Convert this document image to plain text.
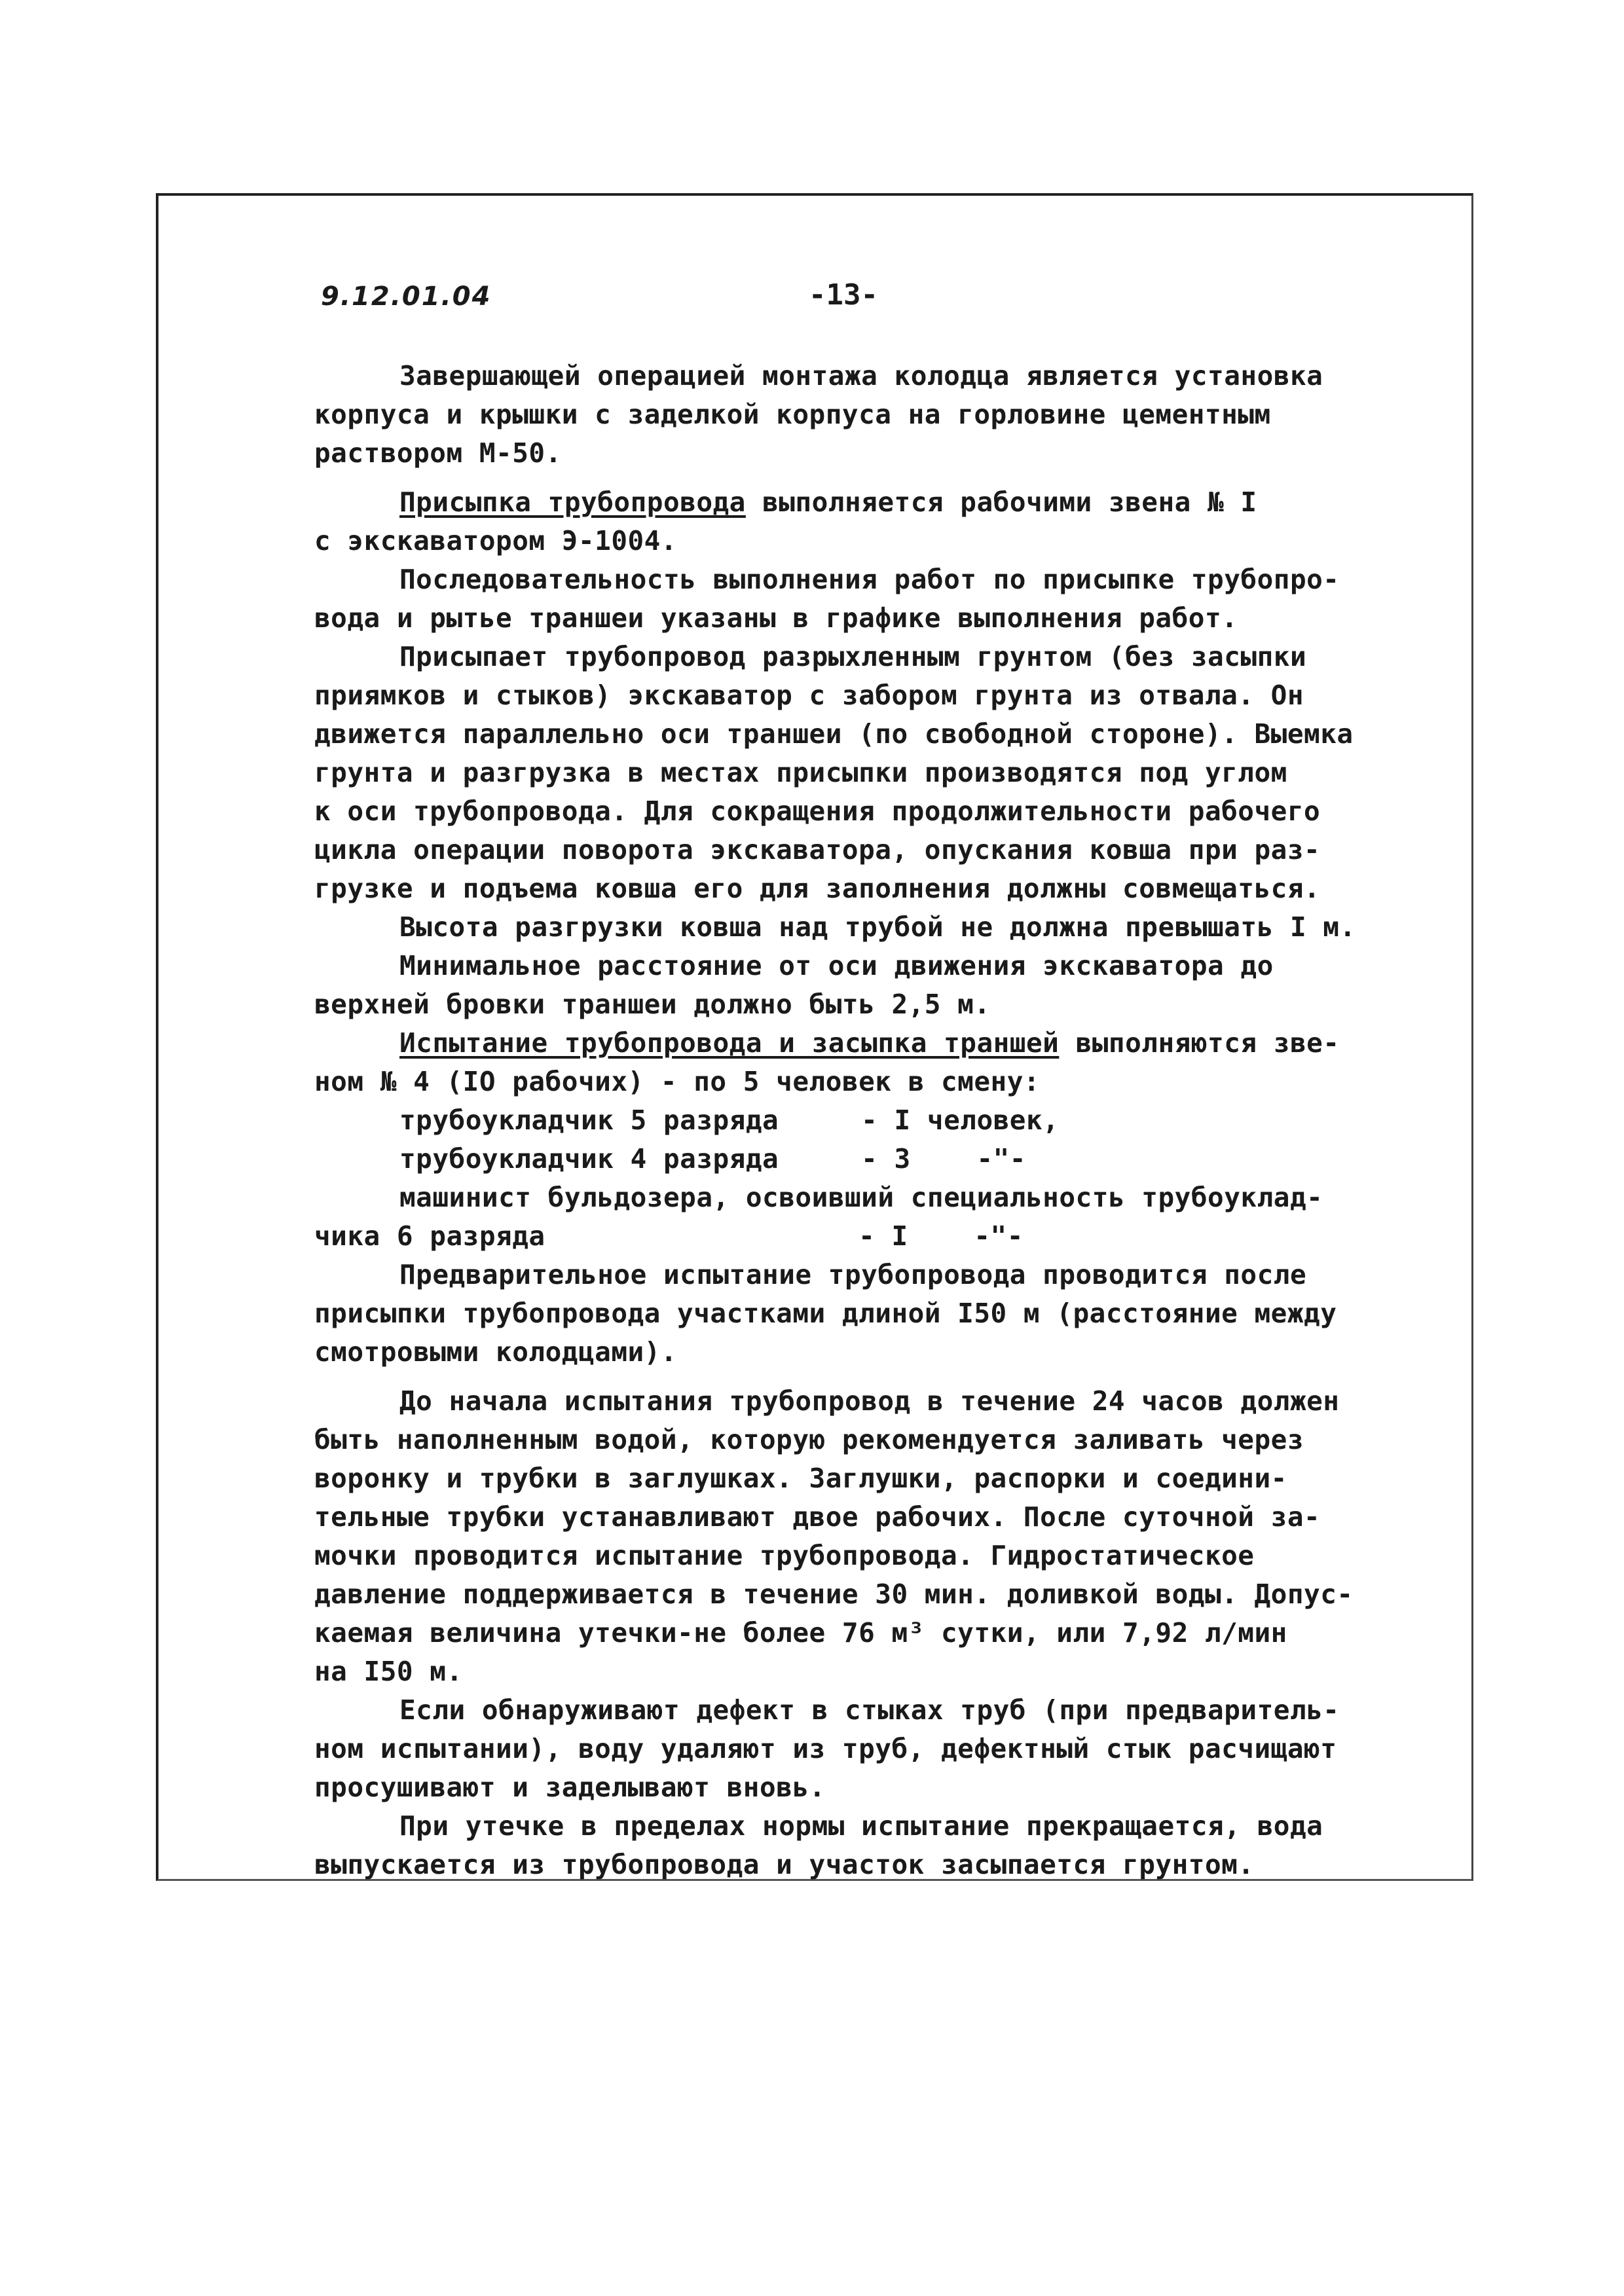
9.12.01.04	-13-
Завершающей операцией монтажа колодца является установка
корпуса и крышки с заделкой корпуса на горловине цементным
раствором М-50.
Присыпка трубопровода выполняется рабочими звена № I
с экскаватором Э-1004.
Последовательность выполнения работ по присыпке трубопро-
вода и рытье траншеи указаны в графике выполнения работ.
Присыпает трубопровод разрыхленным грунтом (без засыпки
приямков и стыков) экскаватор с забором грунта из отвала. Он
движется параллельно оси траншеи (по свободной стороне). Выемка
грунта и разгрузка в местах присыпки производятся под углом
к оси трубопровода. Для сокращения продолжительности рабочего
цикла операции поворота экскаватора, опускания ковша при раз-
грузке и подъема ковша его для заполнения должны совмещаться.
Высота разгрузки ковша над трубой не должна превышать I м.
Минимальное расстояние от оси движения экскаватора до
верхней бровки траншеи должно быть 2,5 м.
Испытание трубопровода и засыпка траншей выполняются зве-
ном № 4 (IO рабочих) - по 5 человек в смену:
трубоукладчик 5 разряда     - I человек,
трубоукладчик 4 разряда     - 3    -"-
машинист бульдозера, освоивший специальность трубоуклад-
чика 6 разряда                   - I    -"-
Предварительное испытание трубопровода проводится после
присыпки трубопровода участками длиной I50 м (расстояние между
смотровыми колодцами).
До начала испытания трубопровод в течение 24 часов должен
быть наполненным водой, которую рекомендуется заливать через
воронку и трубки в заглушках. Заглушки, распорки и соедини-
тельные трубки устанавливают двое рабочих. После суточной за-
мочки проводится испытание трубопровода. Гидростатическое
давление поддерживается в течение 30 мин. доливкой воды. Допус-
каемая величина утечки-не более 76 м³ сутки, или 7,92 л/мин
на I50 м.
Если обнаруживают дефект в стыках труб (при предваритель-
ном испытании), воду удаляют из труб, дефектный стык расчищают
просушивают и заделывают вновь.
При утечке в пределах нормы испытание прекращается, вода
выпускается из трубопровода и участок засыпается грунтом.
